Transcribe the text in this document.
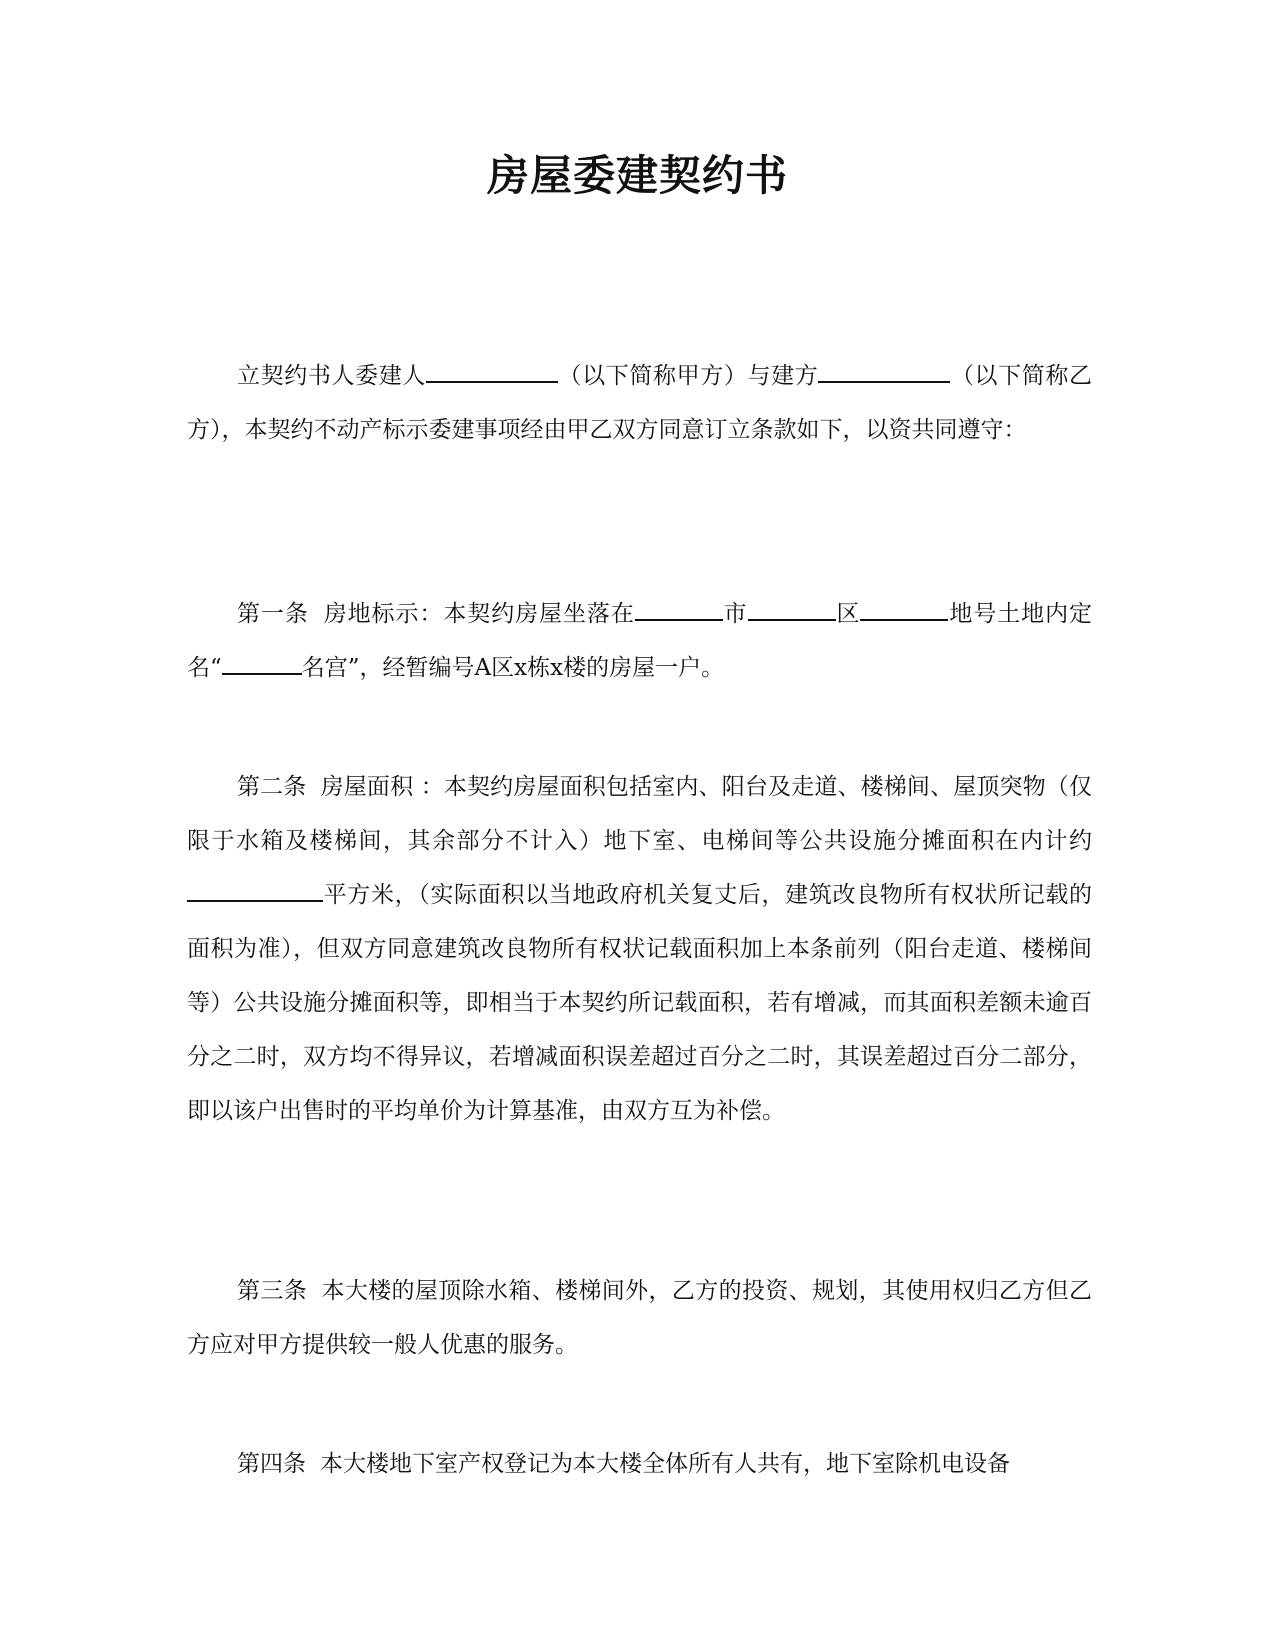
房屋委建契约书

立契约书人委建人	（以下简称甲方）与建方	（以下简称乙方），本契约不动产标示委建事项经由甲乙双方同意订立条款如下，以资共同遵守：

第一条 房地标示：本契约房屋坐落在	市	区	地号土地内定名“	名宫”，经暂编号A区x栋x楼的房屋一户。

第二条 房屋面积 ：本契约房屋面积包括室内、阳台及走道、楼梯间、屋顶突物（仅限于水箱及楼梯间，其余部分不计入）地下室、电梯间等公共设施分摊面积在内计约平方米，（实际面积以当地政府机关复丈后，建筑改良物所有权状所记载的面积为准），但双方同意建筑改良物所有权状记载面积加上本条前列（阳台走道、楼梯间等）公共设施分摊面积等，即相当于本契约所记载面积，若有增减，而其面积差额未逾百分之二时，双方均不得异议，若增减面积误差超过百分之二时，其误差超过百分二部分，即以该户出售时的平均单价为计算基准，由双方互为补偿。

第三条 本大楼的屋顶除水箱、楼梯间外，乙方的投资、规划，其使用权归乙方但乙方应对甲方提供较一般人优惠的服务。

第四条 本大楼地下室产权登记为本大楼全体所有人共有，地下室除机电设备
